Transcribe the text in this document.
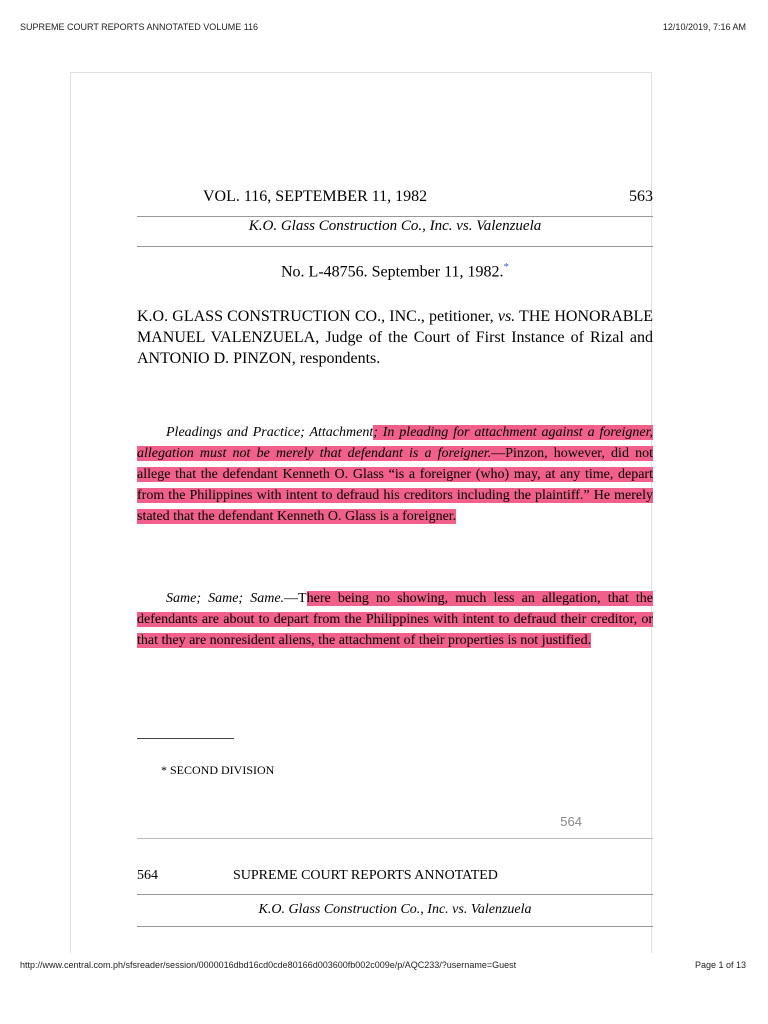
SUPREME COURT REPORTS ANNOTATED VOLUME 116	12/10/2019, 7:16 AM
VOL. 116, SEPTEMBER 11, 1982	563
K.O. Glass Construction Co., Inc. vs. Valenzuela
No. L-48756. September 11, 1982.*
K.O. GLASS CONSTRUCTION CO., INC., petitioner, vs. THE HONORABLE MANUEL VALENZUELA, Judge of the Court of First Instance of Rizal and ANTONIO D. PINZON, respondents.
Pleadings and Practice; Attachment; In pleading for attachment against a foreigner, allegation must not be merely that defendant is a foreigner.—Pinzon, however, did not allege that the defendant Kenneth O. Glass “is a foreigner (who) may, at any time, depart from the Philippines with intent to defraud his creditors including the plaintiff.” He merely stated that the defendant Kenneth O. Glass is a foreigner.
Same; Same; Same.—There being no showing, much less an allegation, that the defendants are about to depart from the Philippines with intent to defraud their creditor, or that they are nonresident aliens, the attachment of their properties is not justified.
* SECOND DIVISION
564
564	SUPREME COURT REPORTS ANNOTATED
K.O. Glass Construction Co., Inc. vs. Valenzuela
http://www.central.com.ph/sfsreader/session/0000016dbd16cd0cde80166d003600fb002c009e/p/AQC233/?username=Guest	Page 1 of 13
